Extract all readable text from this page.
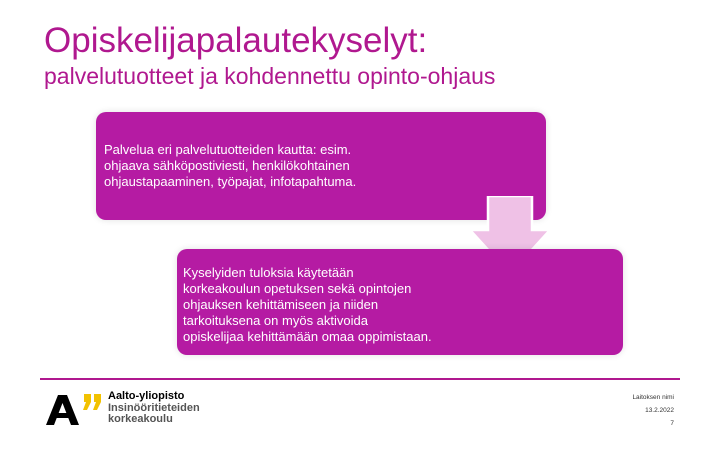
Opiskelijapalautekyselyt:
palvelutuotteet ja kohdennettu opinto-ohjaus
Palvelua eri palvelutuotteiden kautta: esim.
ohjaava sähköpostiviesti, henkilökohtainen
ohjaustapaaminen, työpajat, infotapahtuma.
Kyselyiden tuloksia käytetään
korkeakoulun opetuksen sekä opintojen
ohjauksen kehittämiseen ja niiden
tarkoituksena on myös aktivoida
opiskelijaa kehittämään omaa oppimistaan.
Aalto-yliopisto
Insinööritieteiden
korkeakoulu
Laitoksen nimi
13.2.2022
7
